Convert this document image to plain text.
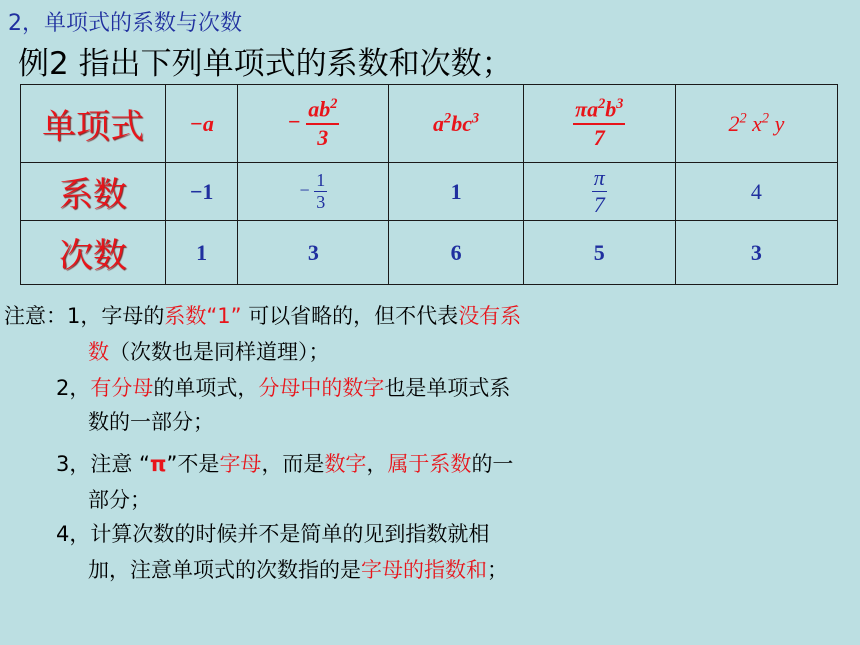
2，单项式的系数与次数
例2 指出下列单项式的系数和次数；
单项式	−a	− $\frac{ab^2}{3}$	$a^2bc^3$	$\frac{\pi a^2b^3}{7}$	$2^2$ $x^2$ y
系数	−1	− $\frac{1}{3}$	1	$\frac{\pi}{7}$	4
次数	1	3	6	5	3
注意：1，字母的系数“1” 可以省略的，但不代表没有系
数（次数也是同样道理）；
2，有分母的单项式，分母中的数字也是单项式系
数的一部分；
3，注意 “π”不是字母，而是数字，属于系数的一
部分；
4，计算次数的时候并不是简单的见到指数就相
加，注意单项式的次数指的是字母的指数和；
